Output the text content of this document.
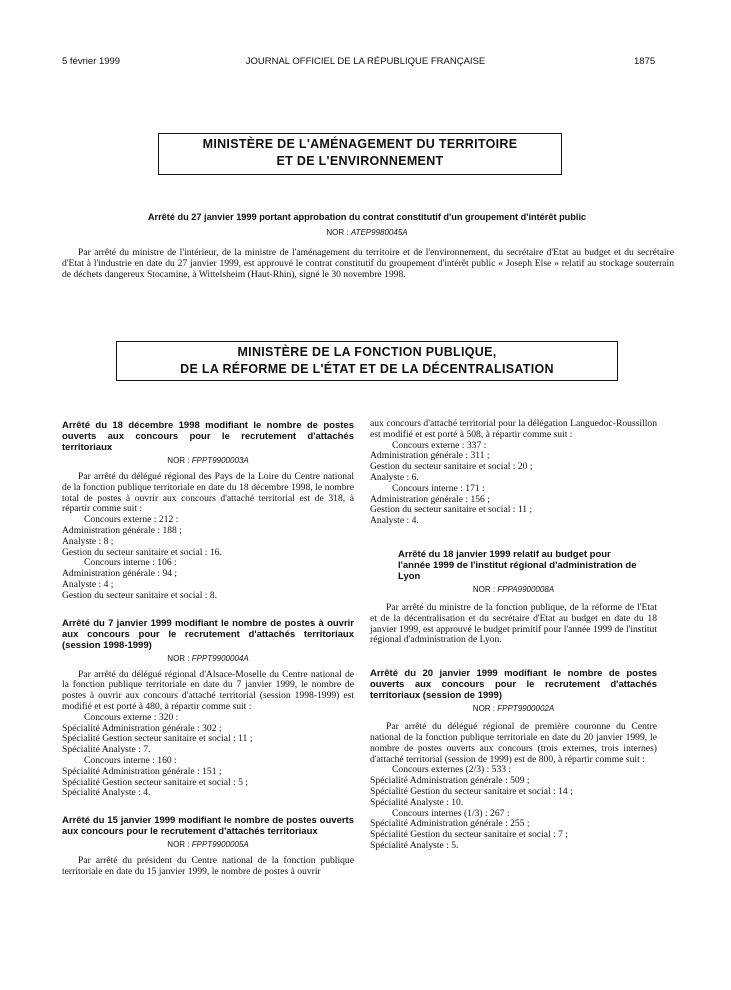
5 février 1999	JOURNAL OFFICIEL DE LA RÉPUBLIQUE FRANÇAISE	1875
MINISTÈRE DE L'AMÉNAGEMENT DU TERRITOIRE
ET DE L'ENVIRONNEMENT
Arrêté du 27 janvier 1999 portant approbation du contrat constitutif d'un groupement d'intérêt public
NOR : ATEP9980045A

Par arrêté du ministre de l'intérieur, de la ministre de l'aménagement du territoire et de l'environnement, du secrétaire d'Etat au budget et du secrétaire d'Etat à l'industrie en date du 27 janvier 1999, est approuvé le contrat constitutif du groupement d'intérêt public « Joseph Else » relatif au stockage souterrain de déchets dangereux Stocamine, à Wittelsheim (Haut-Rhin), signé le 30 novembre 1998.

MINISTÈRE DE LA FONCTION PUBLIQUE,
DE LA RÉFORME DE L'ÉTAT ET DE LA DÉCENTRALISATION
Arrêté du 18 décembre 1998 modifiant le nombre de postes ouverts aux concours pour le recrutement d'attachés territoriaux
NOR : FPPT9900003A

Par arrêté du délégué régional des Pays de la Loire du Centre national de la fonction publique territoriale en date du 18 décembre 1998, le nombre total de postes à ouvrir aux concours d'attaché territorial est de 318, à répartir comme suit :

Concours externe : 212 :

Administration générale : 188 ;

Analyste : 8 ;

Gestion du secteur sanitaire et social : 16.

Concours interne : 106 :

Administration générale : 94 ;

Analyste : 4 ;

Gestion du secteur sanitaire et social : 8.

Arrêté du 7 janvier 1999 modifiant le nombre de postes à ouvrir aux concours pour le recrutement d'attachés territoriaux (session 1998-1999)
NOR : FPPT9900004A

Par arrêté du délégué régional d'Alsace-Moselle du Centre national de la fonction publique territoriale en date du 7 janvier 1999, le nombre de postes à ouvrir aux concours d'attaché territorial (session 1998-1999) est modifié et est porté à 480, à répartir comme suit :

Concours externe : 320 :

Spécialité Administration générale : 302 ;

Spécialité Gestion secteur sanitaire et social : 11 ;

Spécialité Analyste : 7.

Concours interne : 160 :

Spécialité Administration générale : 151 ;

Spécialité Gestion secteur sanitaire et social : 5 ;

Spécialité Analyste : 4.

Arrêté du 15 janvier 1999 modifiant le nombre de postes ouverts aux concours pour le recrutement d'attachés territoriaux
NOR : FPPT9900005A

Par arrêté du président du Centre national de la fonction publique territoriale en date du 15 janvier 1999, le nombre de postes à ouvrir

aux concours d'attaché territorial pour la délégation Languedoc-Roussillon est modifié et est porté à 508, à répartir comme suit :

Concours externe : 337 :

Administration générale : 311 ;

Gestion du secteur sanitaire et social : 20 ;

Analyste : 6.

Concours interne : 171 :

Administration générale : 156 ;

Gestion du secteur sanitaire et social : 11 ;

Analyste : 4.

Arrêté du 18 janvier 1999 relatif au budget pour l'année 1999 de l'institut régional d'administration de Lyon
NOR : FPPA9900008A

Par arrêté du ministre de la fonction publique, de la réforme de l'Etat et de la décentralisation et du secrétaire d'Etat au budget en date du 18 janvier 1999, est approuvé le budget primitif pour l'année 1999 de l'institut régional d'administration de Lyon.

Arrêté du 20 janvier 1999 modifiant le nombre de postes ouverts aux concours pour le recrutement d'attachés territoriaux (session de 1999)
NOR : FPPT9900002A

Par arrêté du délégué régional de première couronne du Centre national de la fonction publique territoriale en date du 20 janvier 1999, le nombre de postes ouverts aux concours (trois externes, trois internes) d'attaché territorial (session de 1999) est de 800, à répartir comme suit :

Concours externes (2/3) : 533 :

Spécialité Administration générale : 509 ;

Spécialité Gestion du secteur sanitaire et social : 14 ;

Spécialité Analyste : 10.

Concours internes (1/3) : 267 :

Spécialité Administration générale : 255 ;

Spécialité Gestion du secteur sanitaire et social : 7 ;

Spécialité Analyste : 5.
